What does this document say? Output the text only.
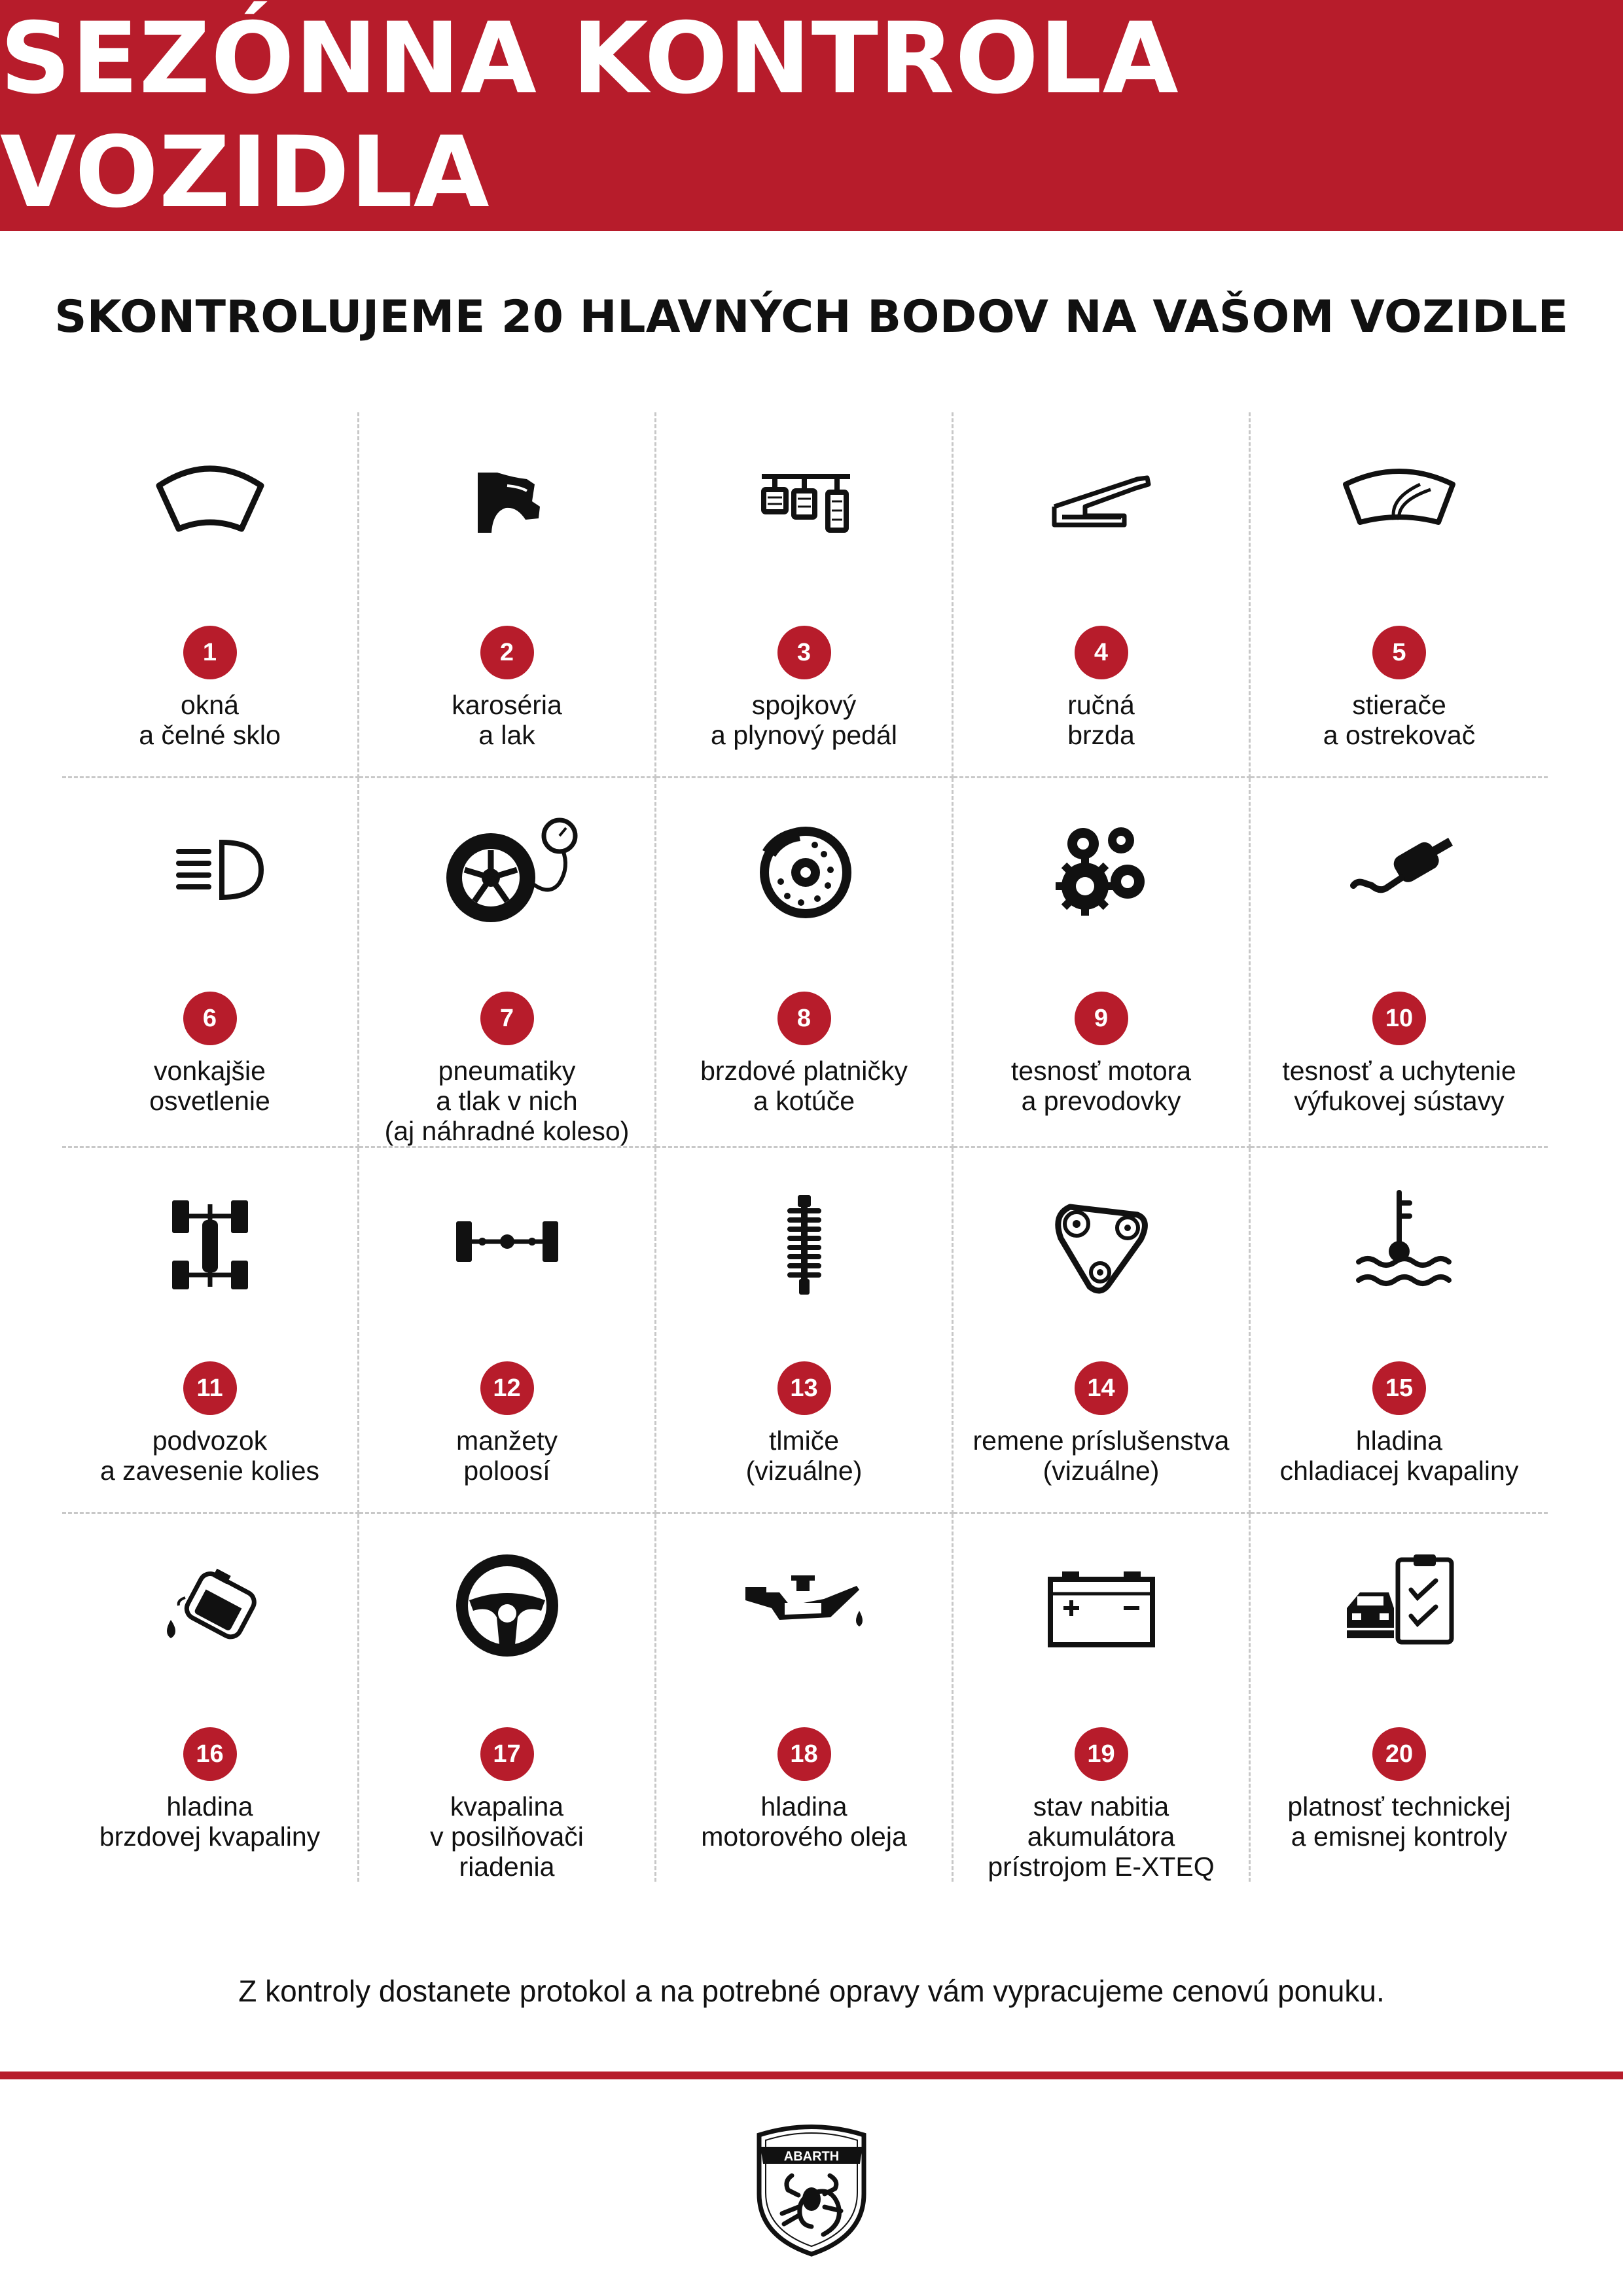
SEZÓNNA KONTROLA VOZIDLA
SKONTROLUJEME 20 HLAVNÝCH BODOV NA VAŠOM VOZIDLE
1
okná
a čelné sklo
2
karoséria
a lak
3
spojkový
a plynový pedál
4
ručná
brzda
5
stierače
a ostrekovač
6
vonkajšie
osvetlenie
7
pneumatiky
a tlak v nich
(aj náhradné koleso)
8
brzdové platničky
a kotúče
9
tesnosť motora
a prevodovky
10
tesnosť a uchytenie
výfukovej sústavy
11
podvozok
a zavesenie kolies
12
manžety
poloosí
13
tlmiče
(vizuálne)
14
remene príslušenstva
(vizuálne)
15
hladina
chladiacej kvapaliny
16
hladina
brzdovej kvapaliny
17
kvapalina
v posilňovači
riadenia
18
hladina
motorového oleja
19
stav nabitia
akumulátora
prístrojom E-XTEQ
20
platnosť technickej
a emisnej kontroly

Z kontroly dostanete protokol a na potrebné opravy vám vypracujeme cenovú ponuku.

ABARTH
